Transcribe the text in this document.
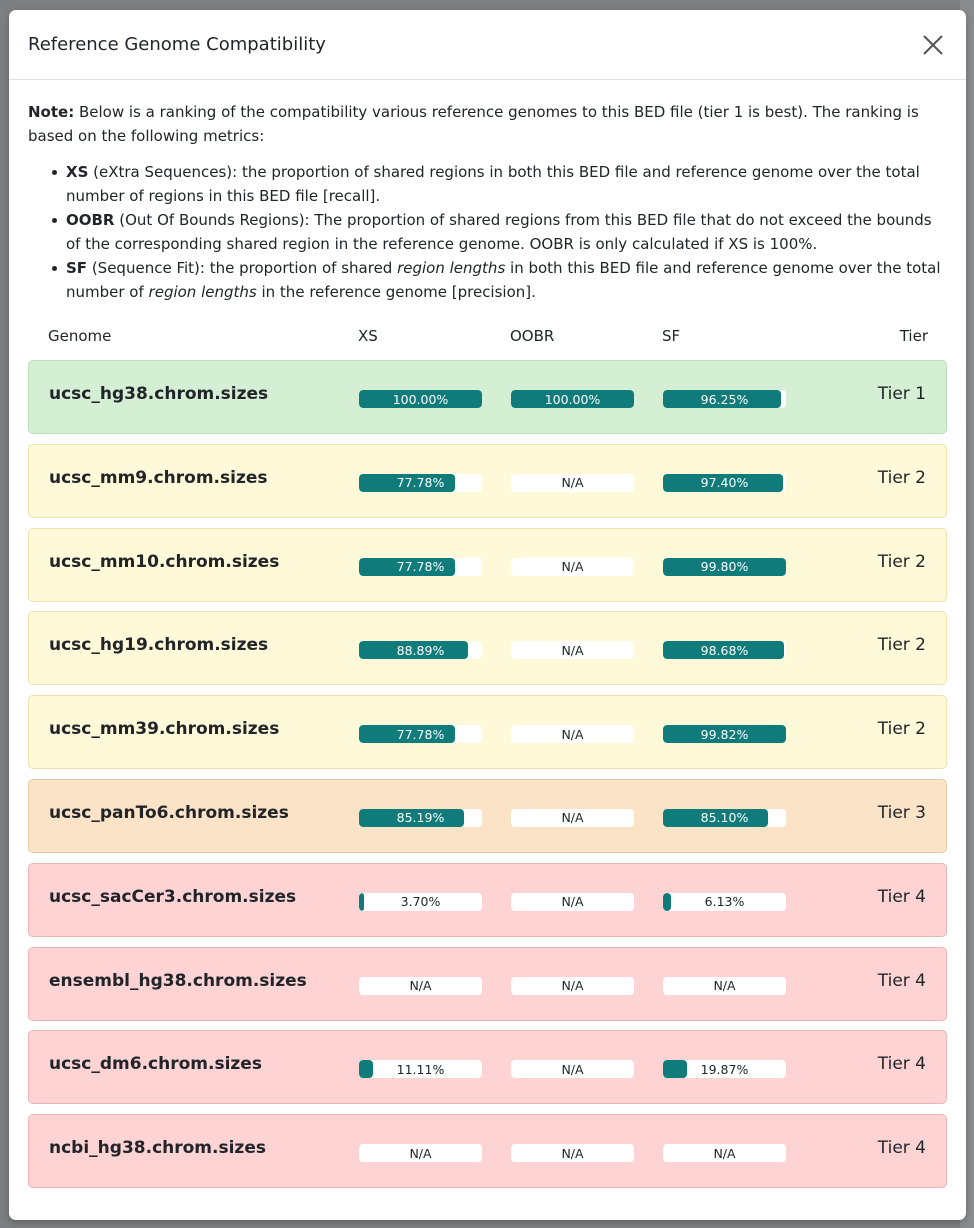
Reference Genome Compatibility

Note: Below is a ranking of the compatibility various reference genomes to this BED file (tier 1 is best). The ranking is based on the following metrics:

XS (eXtra Sequences): the proportion of shared regions in both this BED file and reference genome over the total number of regions in this BED file [recall].
OOBR (Out Of Bounds Regions): The proportion of shared regions from this BED file that do not exceed the bounds of the corresponding shared region in the reference genome. OOBR is only calculated if XS is 100%.
SF (Sequence Fit): the proportion of shared region lengths in both this BED file and reference genome over the total number of region lengths in the reference genome [precision].
Genome	XS	OOBR	SF	Tier
ucsc_hg38.chrom.sizes	100.00%	100.00%	96.25%	Tier 1
ucsc_mm9.chrom.sizes	77.78%	N/A	97.40%	Tier 2
ucsc_mm10.chrom.sizes	77.78%	N/A	99.80%	Tier 2
ucsc_hg19.chrom.sizes	88.89%	N/A	98.68%	Tier 2
ucsc_mm39.chrom.sizes	77.78%	N/A	99.82%	Tier 2
ucsc_panTo6.chrom.sizes	85.19%	N/A	85.10%	Tier 3
ucsc_sacCer3.chrom.sizes	3.70%	N/A	6.13%	Tier 4
ensembl_hg38.chrom.sizes	N/A	N/A	N/A	Tier 4
ucsc_dm6.chrom.sizes	11.11%	N/A	19.87%	Tier 4
ncbi_hg38.chrom.sizes	N/A	N/A	N/A	Tier 4
